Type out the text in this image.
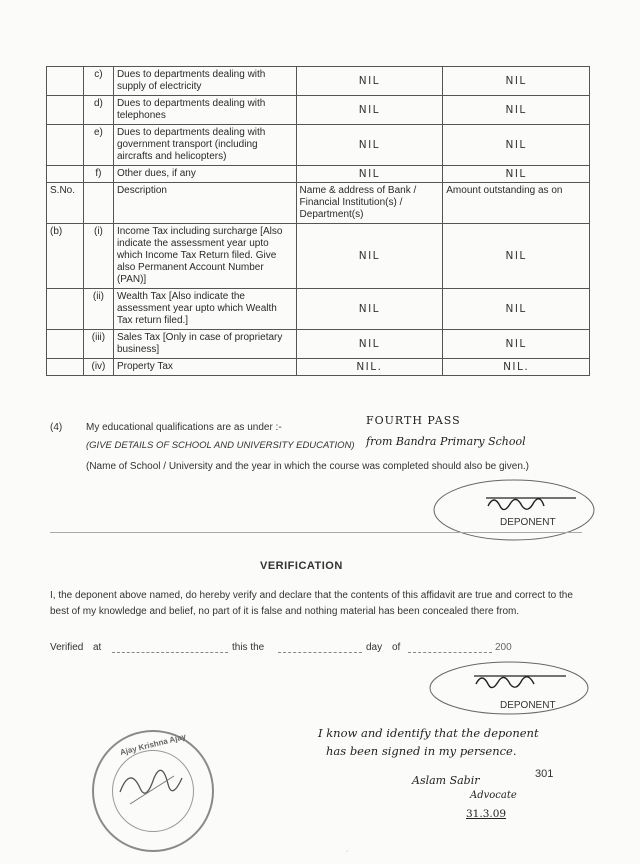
	c)	Dues to departments dealing with supply of electricity	NIL	NIL
	d)	Dues to departments dealing with telephones	NIL	NIL
	e)	Dues to departments dealing with government transport (including aircrafts and helicopters)	NIL	NIL
	f)	Other dues, if any	NIL	NIL
S.No.		Description	Name & address of Bank / Financial Institution(s) / Department(s)	Amount outstanding as on
(b)	(i)	Income Tax including surcharge [Also indicate the assessment year upto which Income Tax Return filed. Give also Permanent Account Number (PAN)]	NIL	NIL
	(ii)	Wealth Tax [Also indicate the assessment year upto which Wealth Tax return filed.]	NIL	NIL
	(iii)	Sales Tax [Only in case of proprietary business]	NIL	NIL
	(iv)	Property Tax	NIL.	NIL.
(4) My educational qualifications are as under :-
FOURTH PASS
(GIVE DETAILS OF SCHOOL AND UNIVERSITY EDUCATION) from Bandra Primary School
(Name of School / University and the year in which the course was completed should also be given.)
DEPONENT
VERIFICATION
I, the deponent above named, do hereby verify and declare that the contents of this affidavit are true and correct to the best of my knowledge and belief, no part of it is false and nothing material has been concealed there from.
Verified at	this the	day of	200
DEPONENT
I know and identify that the deponent
has been signed in my persence.
301
Aslam Sabir
Advocate
31.3.09
Ajay Krishna Ajay
˙
